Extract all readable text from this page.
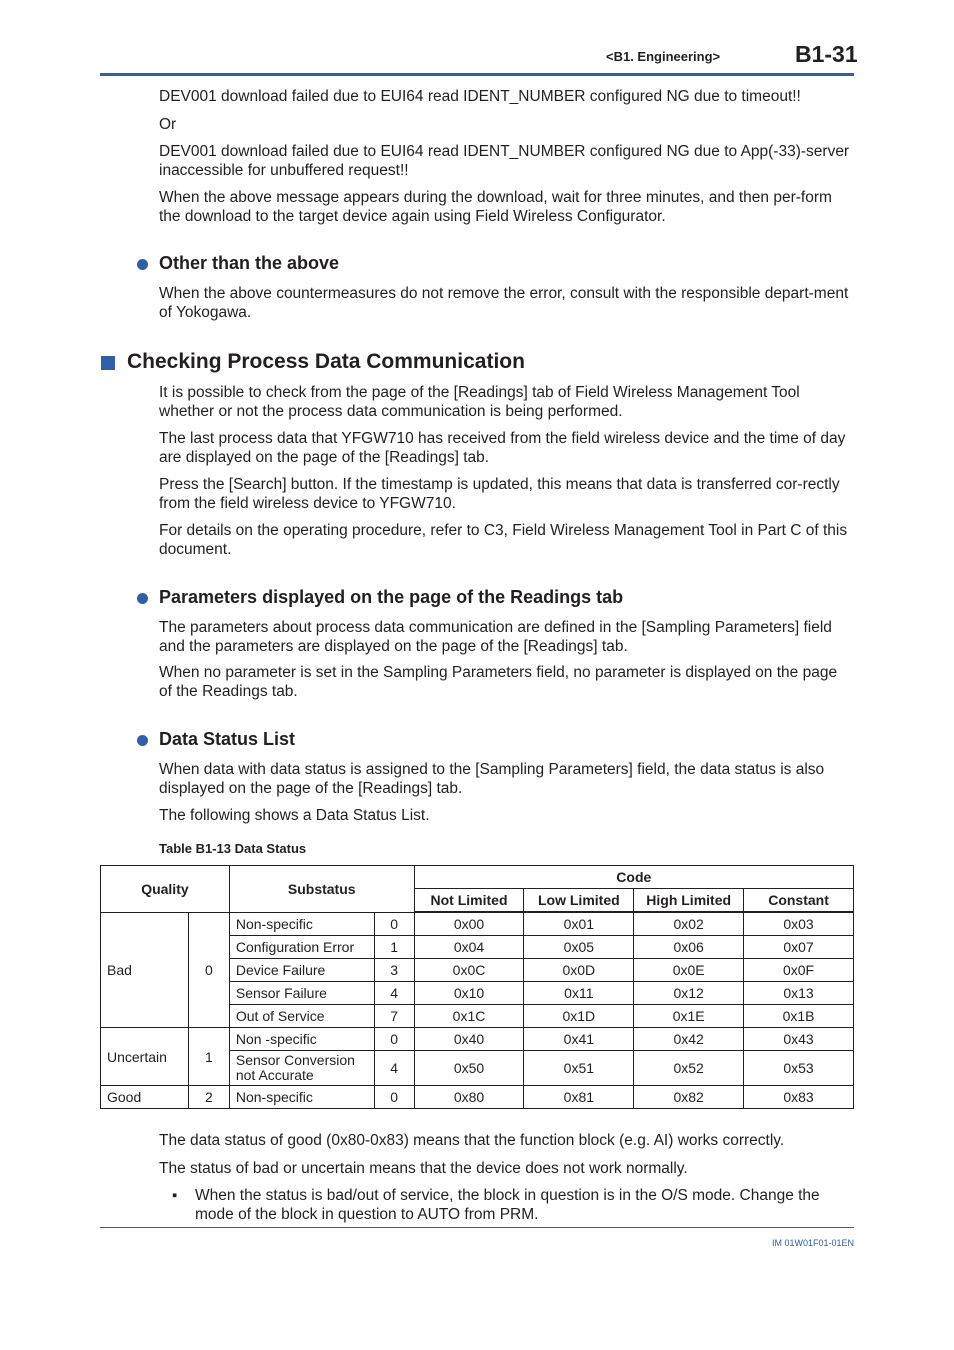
<B1. Engineering>	B1-31
DEV001 download failed due to EUI64 read IDENT_NUMBER configured NG due to timeout!!
Or
DEV001 download failed due to EUI64 read IDENT_NUMBER configured NG due to App(-33)-server inaccessible for unbuffered request!!
When the above message appears during the download, wait for three minutes, and then per-form the download to the target device again using Field Wireless Configurator.
Other than the above
When the above countermeasures do not remove the error, consult with the responsible depart-ment of Yokogawa.
Checking Process Data Communication
It is possible to check from the page of the [Readings] tab of Field Wireless Management Tool whether or not the process data communication is being performed.
The last process data that YFGW710 has received from the field wireless device and the time of day are displayed on the page of the [Readings] tab.
Press the [Search] button. If the timestamp is updated, this means that data is transferred cor-rectly from the field wireless device to YFGW710.
For details on the operating procedure, refer to C3, Field Wireless Management Tool in Part C of this document.
Parameters displayed on the page of the Readings tab
The parameters about process data communication are defined in the [Sampling Parameters] field and the parameters are displayed on the page of the [Readings] tab.
When no parameter is set in the Sampling Parameters field, no parameter is displayed on the page of the Readings tab.
Data Status List
When data with data status is assigned to the [Sampling Parameters] field, the data status is also displayed on the page of the [Readings] tab.
The following shows a Data Status List.
Table B1-13 Data Status
Quality		Substatus		Code			
				Not Limited	Low Limited	High Limited	Constant
Bad	0	Non-specific	0	0x00	0x01	0x02	0x03
		Configuration Error	1	0x04	0x05	0x06	0x07
		Device Failure	3	0x0C	0x0D	0x0E	0x0F
		Sensor Failure	4	0x10	0x11	0x12	0x13
		Out of Service	7	0x1C	0x1D	0x1E	0x1B
Uncertain	1	Non -specific	0	0x40	0x41	0x42	0x43
		Sensor Conversion not Accurate	4	0x50	0x51	0x52	0x53
Good	2	Non-specific	0	0x80	0x81	0x82	0x83
The data status of good (0x80-0x83) means that the function block (e.g. AI) works correctly.
The status of bad or uncertain means that the device does not work normally.
▪ When the status is bad/out of service, the block in question is in the O/S mode. Change the mode of the block in question to AUTO from PRM.
IM 01W01F01-01EN
